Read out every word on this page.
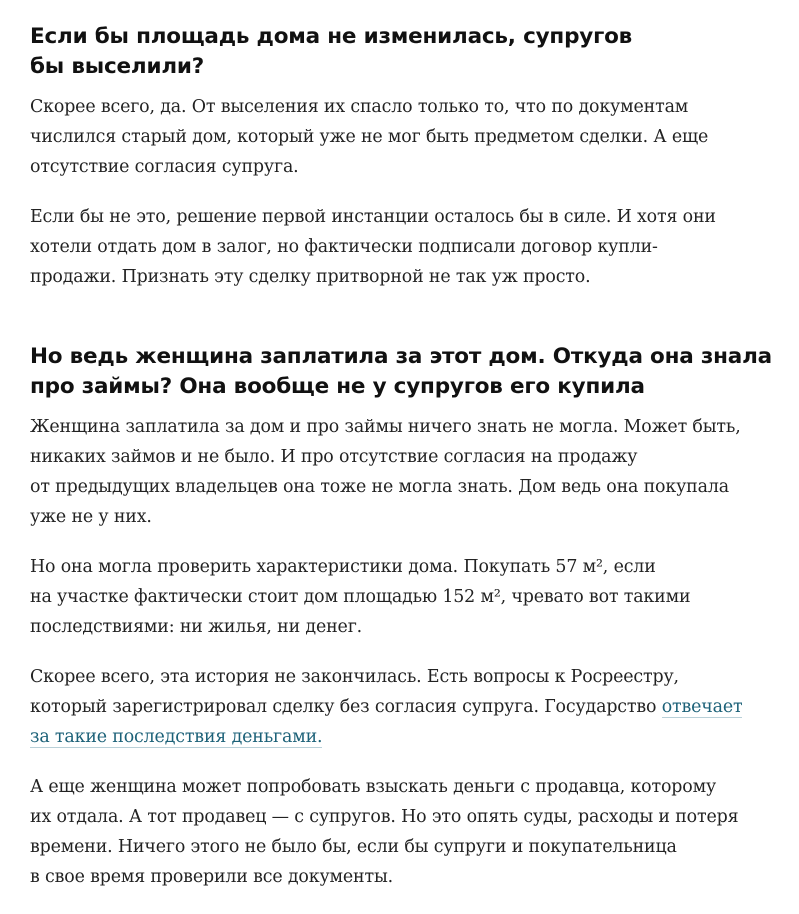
Если бы площадь дома не изменилась, супругов
бы выселили?

Скорее всего, да. От выселения их спасло только то, что по документам
числился старый дом, который уже не мог быть предметом сделки. А еще
отсутствие согласия супруга.

Если бы не это, решение первой инстанции осталось бы в силе. И хотя они
хотели отдать дом в залог, но фактически подписали договор купли-
продажи. Признать эту сделку притворной не так уж просто.

Но ведь женщина заплатила за этот дом. Откуда она знала
про займы? Она вообще не у супругов его купила

Женщина заплатила за дом и про займы ничего знать не могла. Может быть,
никаких займов и не было. И про отсутствие согласия на продажу
от предыдущих владельцев она тоже не могла знать. Дом ведь она покупала
уже не у них.

Но она могла проверить характеристики дома. Покупать 57 м², если
на участке фактически стоит дом площадью 152 м², чревато вот такими
последствиями: ни жилья, ни денег.

Скорее всего, эта история не закончилась. Есть вопросы к Росреестру,
который зарегистрировал сделку без согласия супруга. Государство отвечает
за такие последствия деньгами.

А еще женщина может попробовать взыскать деньги с продавца, которому
их отдала. А тот продавец — с супругов. Но это опять суды, расходы и потеря
времени. Ничего этого не было бы, если бы супруги и покупательница
в свое время проверили все документы.
